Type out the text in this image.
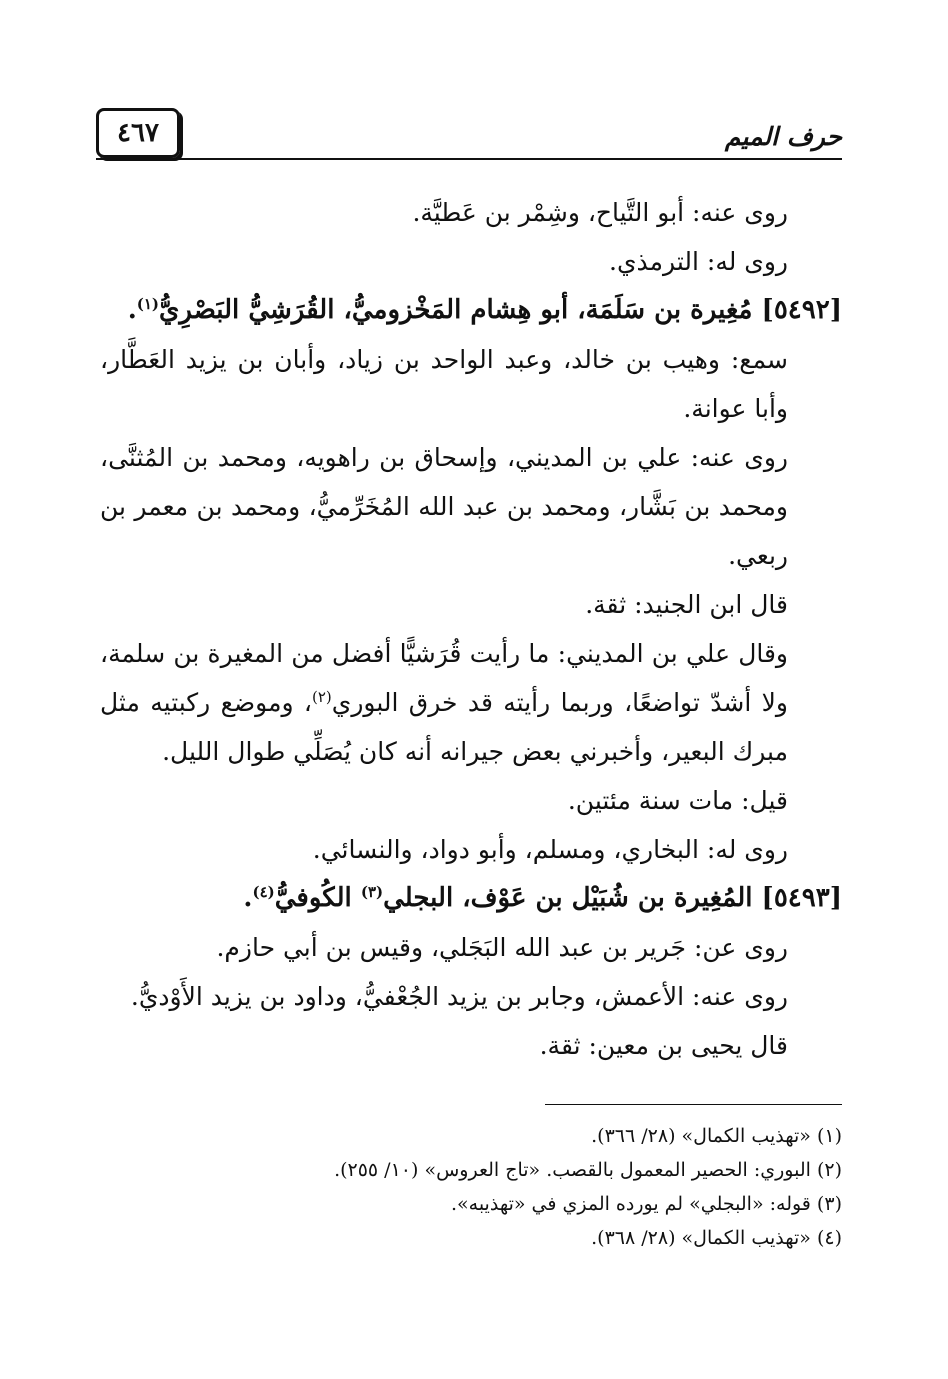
حرف الميم
٤٦٧

روى عنه: أبو التَّياح، وشِمْر بن عَطيَّة.

روى له: الترمذي.

[٥٤٩٢] مُغِيرة بن سَلَمَة، أبو هِشام المَخْزوميُّ، القُرَشِيُّ البَصْرِيُّ$^{(١)}$.

سمع: وهيب بن خالد، وعبد الواحد بن زياد، وأبان بن يزيد العَطَّار، وأبا عوانة.

روى عنه: علي بن المديني، وإسحاق بن راهويه، ومحمد بن المُثنَّى، ومحمد بن بَشَّار، ومحمد بن عبد الله المُخَرِّميُّ، ومحمد بن معمر بن ربعي.

قال ابن الجنيد: ثقة.

وقال علي بن المديني: ما رأيت قُرَشيًّا أفضل من المغيرة بن سلمة، ولا أشدّ تواضعًا، وربما رأيته قد خرق البوري$^{(٢)}$، وموضع ركبتيه مثل مبرك البعير، وأخبرني بعض جيرانه أنه كان يُصَلِّي طوال الليل.

قيل: مات سنة مئتين.

روى له: البخاري، ومسلم، وأبو دواد، والنسائي.

[٥٤٩٣] المُغِيرة بن شُبَيْل بن عَوْف، البجلي$^{(٣)}$ الكُوفيُّ$^{(٤)}$.

روى عن: جَرير بن عبد الله البَجَلي، وقيس بن أبي حازم.

روى عنه: الأعمش، وجابر بن يزيد الجُعْفيُّ، وداود بن يزيد الأَوْديُّ.

قال يحيى بن معين: ثقة.

(١) «تهذيب الكمال» (٢٨/ ٣٦٦).

(٢) البوري: الحصير المعمول بالقصب. «تاج العروس» (١٠/ ٢٥٥).

(٣) قوله: «البجلي» لم يورده المزي في «تهذيبه».

(٤) «تهذيب الكمال» (٢٨/ ٣٦٨).
